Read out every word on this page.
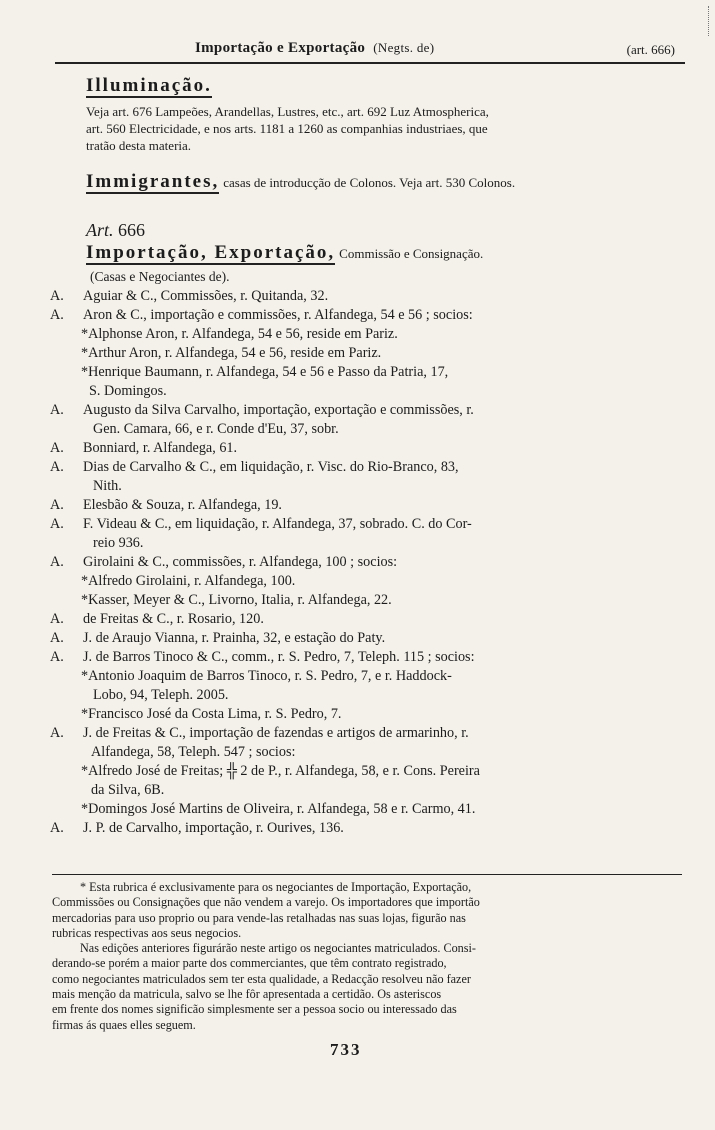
Importação e Exportação (Negts. de)	(art. 666)
Illuminação.
Veja art. 676 Lampeões, Arandellas, Lustres, etc., art. 692 Luz Atmospherica,
art. 560 Electricidade, e nos arts. 1181 a 1260 as companhias industriaes, que
tratão desta materia.
Immigrantes, casas de introducção de Colonos. Veja art. 530 Colonos.
Art. 666
Importação, Exportação, Commissão e Consignação.
(Casas e Negociantes de).
A. Aguiar & C., Commissões, r. Quitanda, 32.
A. Aron & C., importação e commissões, r. Alfandega, 54 e 56 ; socios:
*Alphonse Aron, r. Alfandega, 54 e 56, reside em Pariz.
*Arthur Aron, r. Alfandega, 54 e 56, reside em Pariz.
*Henrique Baumann, r. Alfandega, 54 e 56 e Passo da Patria, 17,
S. Domingos.
A. Augusto da Silva Carvalho, importação, exportação e commissões, r.
Gen. Camara, 66, e r. Conde d'Eu, 37, sobr.
A. Bonniard, r. Alfandega, 61.
A. Dias de Carvalho & C., em liquidação, r. Visc. do Rio-Branco, 83,
Nith.
A. Elesbão & Souza, r. Alfandega, 19.
A. F. Videau & C., em liquidação, r. Alfandega, 37, sobrado. C. do Cor-
reio 936.
A. Girolaini & C., commissões, r. Alfandega, 100 ; socios:
*Alfredo Girolaini, r. Alfandega, 100.
*Kasser, Meyer & C., Livorno, Italia, r. Alfandega, 22.
A. de Freitas & C., r. Rosario, 120.
A. J. de Araujo Vianna, r. Prainha, 32, e estação do Paty.
A. J. de Barros Tinoco & C., comm., r. S. Pedro, 7, Teleph. 115 ; socios:
*Antonio Joaquim de Barros Tinoco, r. S. Pedro, 7, e r. Haddock-
Lobo, 94, Teleph. 2005.
*Francisco José da Costa Lima, r. S. Pedro, 7.
A. J. de Freitas & C., importação de fazendas e artigos de armarinho, r.
Alfandega, 58, Teleph. 547 ; socios:
*Alfredo José de Freitas; ╬ 2 de P., r. Alfandega, 58, e r. Cons. Pereira
da Silva, 6B.
*Domingos José Martins de Oliveira, r. Alfandega, 58 e r. Carmo, 41.
A. J. P. de Carvalho, importação, r. Ourives, 136.
* Esta rubrica é exclusivamente para os negociantes de Importação, Exportação,
Commissões ou Consignações que não vendem a varejo. Os importadores que importão
mercadorias para uso proprio ou para vende-las retalhadas nas suas lojas, figurão nas
rubricas respectivas aos seus negocios.
Nas edições anteriores figurárão neste artigo os negociantes matriculados. Consi-
derando-se porém a maior parte dos commerciantes, que têm contrato registrado,
como negociantes matriculados sem ter esta qualidade, a Redacção resolveu não fazer
mais menção da matricula, salvo se lhe fôr apresentada a certidão. Os asteriscos
em frente dos nomes significão simplesmente ser a pessoa socio ou interessado das
firmas ás quaes elles seguem.
733
